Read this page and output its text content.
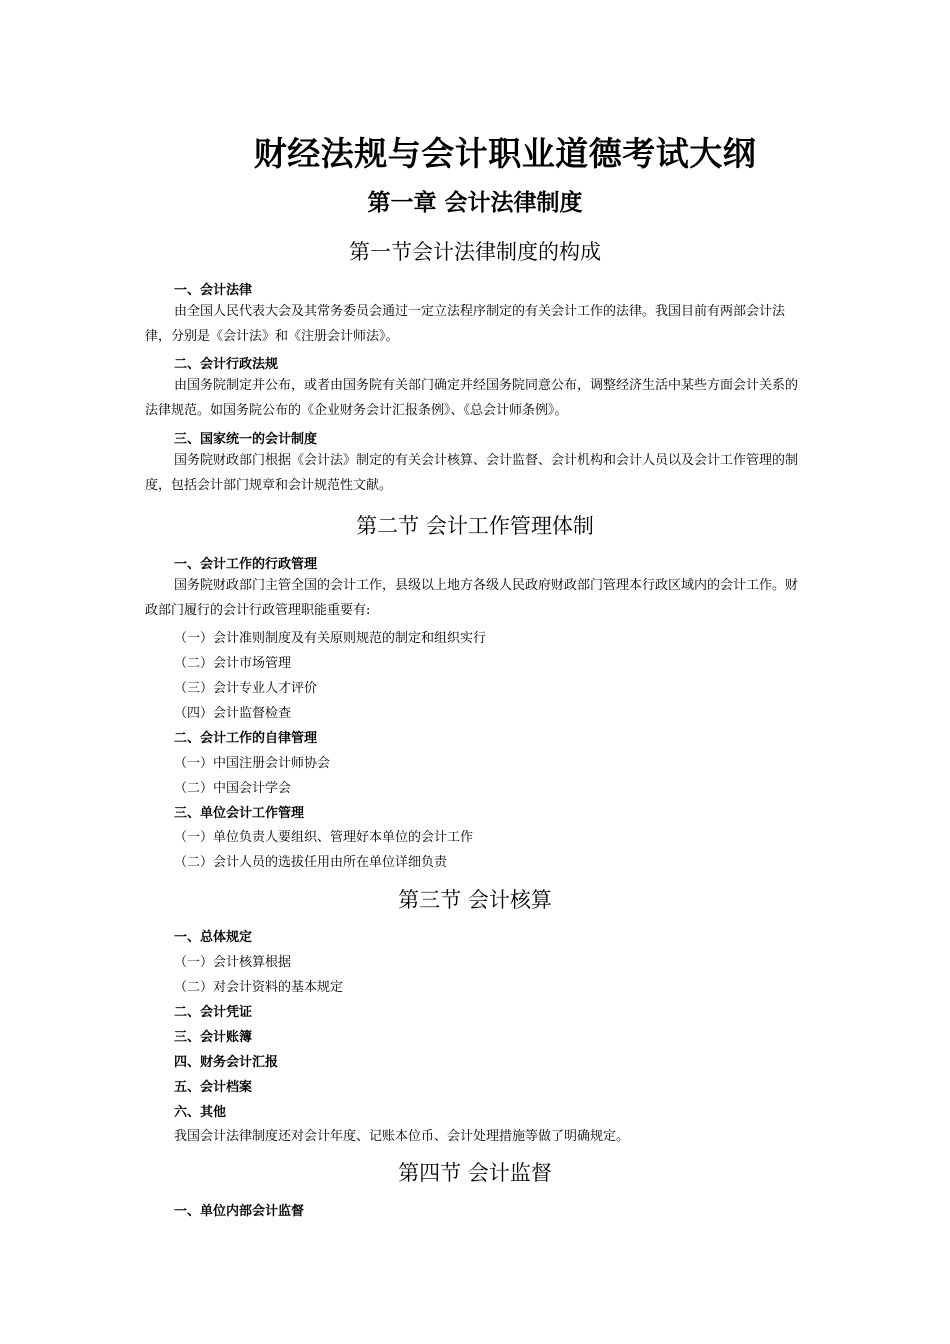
财经法规与会计职业道德考试大纲
第一章 会计法律制度
第一节会计法律制度的构成
一、会计法律
由全国人民代表大会及其常务委员会通过一定立法程序制定的有关会计工作的法律。我国目前有两部会计法律，分别是《会计法》和《注册会计师法》。
二、会计行政法规
由国务院制定并公布，或者由国务院有关部门确定并经国务院同意公布，调整经济生活中某些方面会计关系的法律规范。如国务院公布的《企业财务会计汇报条例》、《总会计师条例》。
三、国家统一的会计制度
国务院财政部门根据《会计法》制定的有关会计核算、会计监督、会计机构和会计人员以及会计工作管理的制度，包括会计部门规章和会计规范性文献。
第二节 会计工作管理体制
一、会计工作的行政管理
国务院财政部门主管全国的会计工作，县级以上地方各级人民政府财政部门管理本行政区域内的会计工作。财政部门履行的会计行政管理职能重要有:
（一）会计准则制度及有关原则规范的制定和组织实行
（二）会计市场管理
（三）会计专业人才评价
（四）会计监督检查
二、会计工作的自律管理
（一）中国注册会计师协会
（二）中国会计学会
三、单位会计工作管理
（一）单位负责人要组织、管理好本单位的会计工作
（二）会计人员的选拔任用由所在单位详细负责
第三节 会计核算
一、总体规定
（一）会计核算根据
（二）对会计资料的基本规定
二、会计凭证
三、会计账簿
四、财务会计汇报
五、会计档案
六、其他
我国会计法律制度还对会计年度、记账本位币、会计处理措施等做了明确规定。
第四节 会计监督
一、单位内部会计监督
